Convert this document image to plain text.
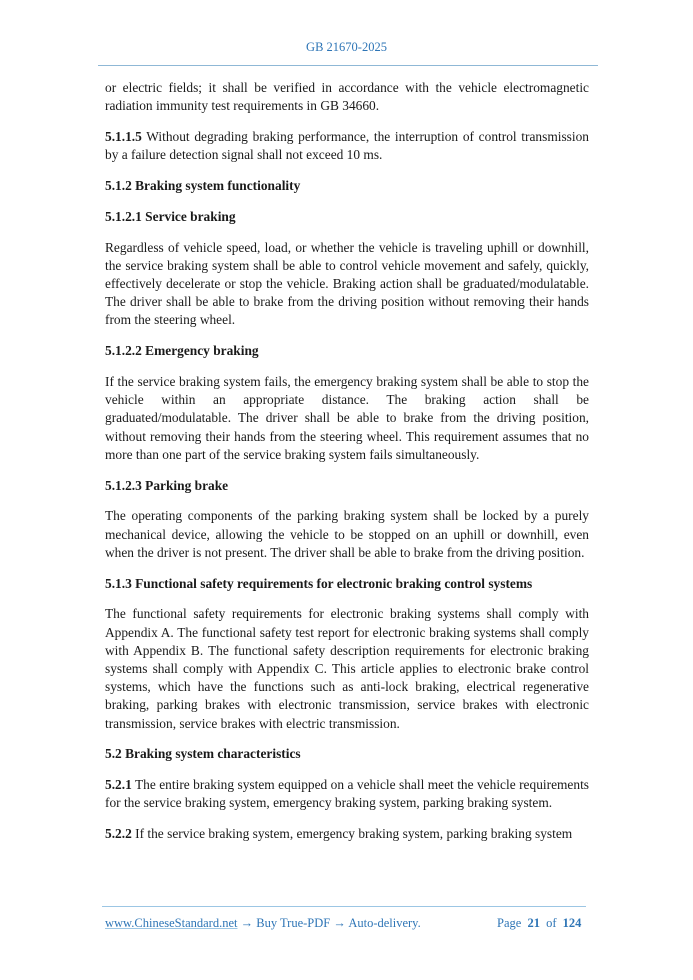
GB 21670-2025

or electric fields; it shall be verified in accordance with the vehicle electromagnetic radiation immunity test requirements in GB 34660.

5.1.1.5 Without degrading braking performance, the interruption of control transmission by a failure detection signal shall not exceed 10 ms.

5.1.2 Braking system functionality
5.1.2.1 Service braking

Regardless of vehicle speed, load, or whether the vehicle is traveling uphill or downhill, the service braking system shall be able to control vehicle movement and safely, quickly, effectively decelerate or stop the vehicle. Braking action shall be graduated/modulatable. The driver shall be able to brake from the driving position without removing their hands from the steering wheel.

5.1.2.2 Emergency braking

If the service braking system fails, the emergency braking system shall be able to stop the vehicle within an appropriate distance. The braking action shall be graduated/modulatable. The driver shall be able to brake from the driving position, without removing their hands from the steering wheel. This requirement assumes that no more than one part of the service braking system fails simultaneously.

5.1.2.3 Parking brake

The operating components of the parking braking system shall be locked by a purely mechanical device, allowing the vehicle to be stopped on an uphill or downhill, even when the driver is not present. The driver shall be able to brake from the driving position.

5.1.3 Functional safety requirements for electronic braking control systems

The functional safety requirements for electronic braking systems shall comply with Appendix A. The functional safety test report for electronic braking systems shall comply with Appendix B. The functional safety description requirements for electronic braking systems shall comply with Appendix C. This article applies to electronic brake control systems, which have the functions such as anti-lock braking, electrical regenerative braking, parking brakes with electronic transmission, service brakes with electronic transmission, service brakes with electric transmission.

5.2 Braking system characteristics

5.2.1 The entire braking system equipped on a vehicle shall meet the vehicle requirements for the service braking system, emergency braking system, parking braking system.

5.2.2 If the service braking system, emergency braking system, parking braking system

www.ChineseStandard.net → Buy True-PDF → Auto-delivery.	Page 21 of 124
